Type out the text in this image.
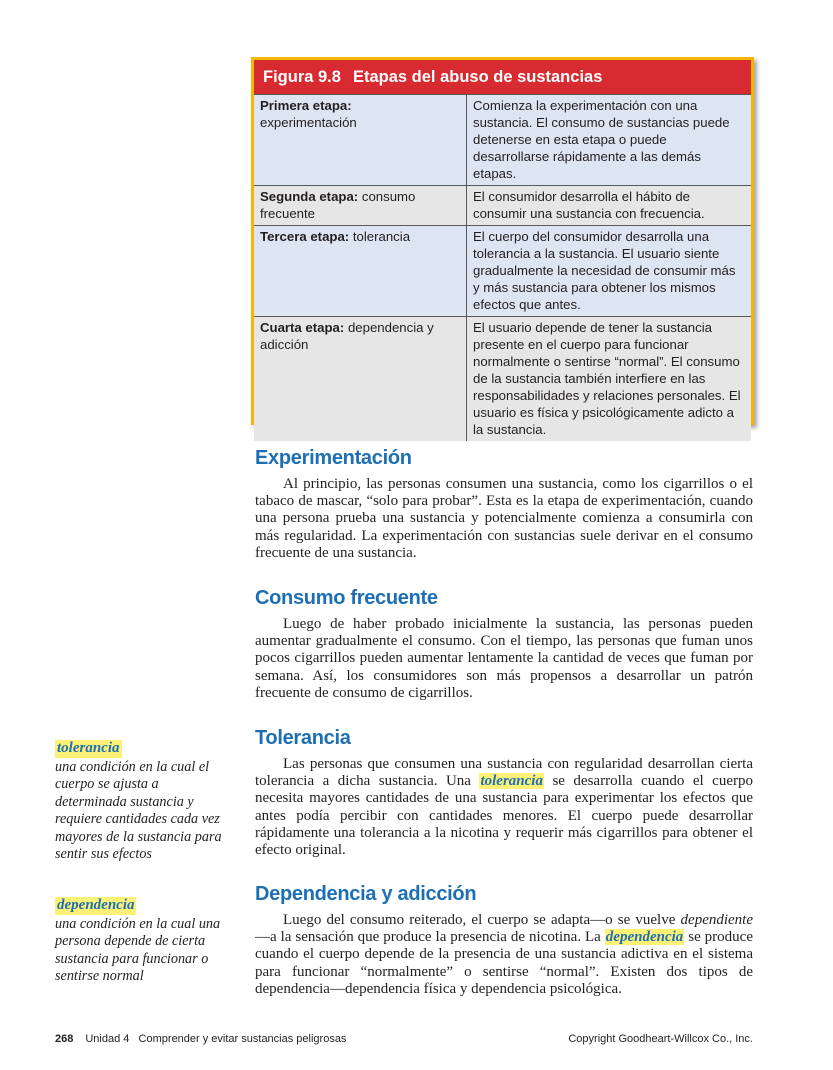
Figura 9.8 Etapas del abuso de sustancias
Primera etapa:
experimentación	Comienza la experimentación con una sustancia. El consumo de sustancias puede detenerse en esta etapa o puede desarrollarse rápidamente a las demás etapas.
Segunda etapa: consumo frecuente	El consumidor desarrolla el hábito de consumir una sustancia con frecuencia.
Tercera etapa: tolerancia	El cuerpo del consumidor desarrolla una tolerancia a la sustancia. El usuario siente gradualmente la necesidad de consumir más y más sustancia para obtener los mismos efectos que antes.
Cuarta etapa: dependencia y adicción	El usuario depende de tener la sustancia presente en el cuerpo para funcionar normalmente o sentirse “normal”. El consumo de la sustancia también interfiere en las responsabilidades y relaciones personales. El usuario es física y psicológicamente adicto a la sustancia.
Experimentación

Al principio, las personas consumen una sustancia, como los cigarrillos o el tabaco de mascar, “solo para probar”. Esta es la etapa de experimentación, cuando una persona prueba una sustancia y potencialmente comienza a consumirla con más regularidad. La experimentación con sustancias suele derivar en el consumo frecuente de una sustancia.

Consumo frecuente

Luego de haber probado inicialmente la sustancia, las personas pueden aumentar gradualmente el consumo. Con el tiempo, las personas que fuman unos pocos cigarrillos pueden aumentar lentamente la cantidad de veces que fuman por semana. Así, los consumidores son más propensos a desarrollar un patrón frecuente de consumo de cigarrillos.

Tolerancia

Las personas que consumen una sustancia con regularidad desarrollan cierta tolerancia a dicha sustancia. Una tolerancia se desarrolla cuando el cuerpo necesita mayores cantidades de una sustancia para experimentar los efectos que antes podía percibir con cantidades menores. El cuerpo puede desarrollar rápidamente una tolerancia a la nicotina y requerir más cigarrillos para obtener el efecto original.

Dependencia y adicción

Luego del consumo reiterado, el cuerpo se adapta—o se vuelve dependiente—a la sensación que produce la presencia de nicotina. La dependencia se produce cuando el cuerpo depende de la presencia de una sustancia adictiva en el sistema para funcionar “normalmente” o sentirse “normal”. Existen dos tipos de dependencia—dependencia física y dependencia psicológica.

tolerancia

una condición en la cual el cuerpo se ajusta a determinada sustancia y requiere cantidades cada vez mayores de la sustancia para sentir sus efectos

dependencia

una condición en la cual una persona depende de cierta sustancia para funcionar o sentirse normal

268 Unidad 4   Comprender y evitar sustancias peligrosas	Copyright Goodheart-Willcox Co., Inc.
